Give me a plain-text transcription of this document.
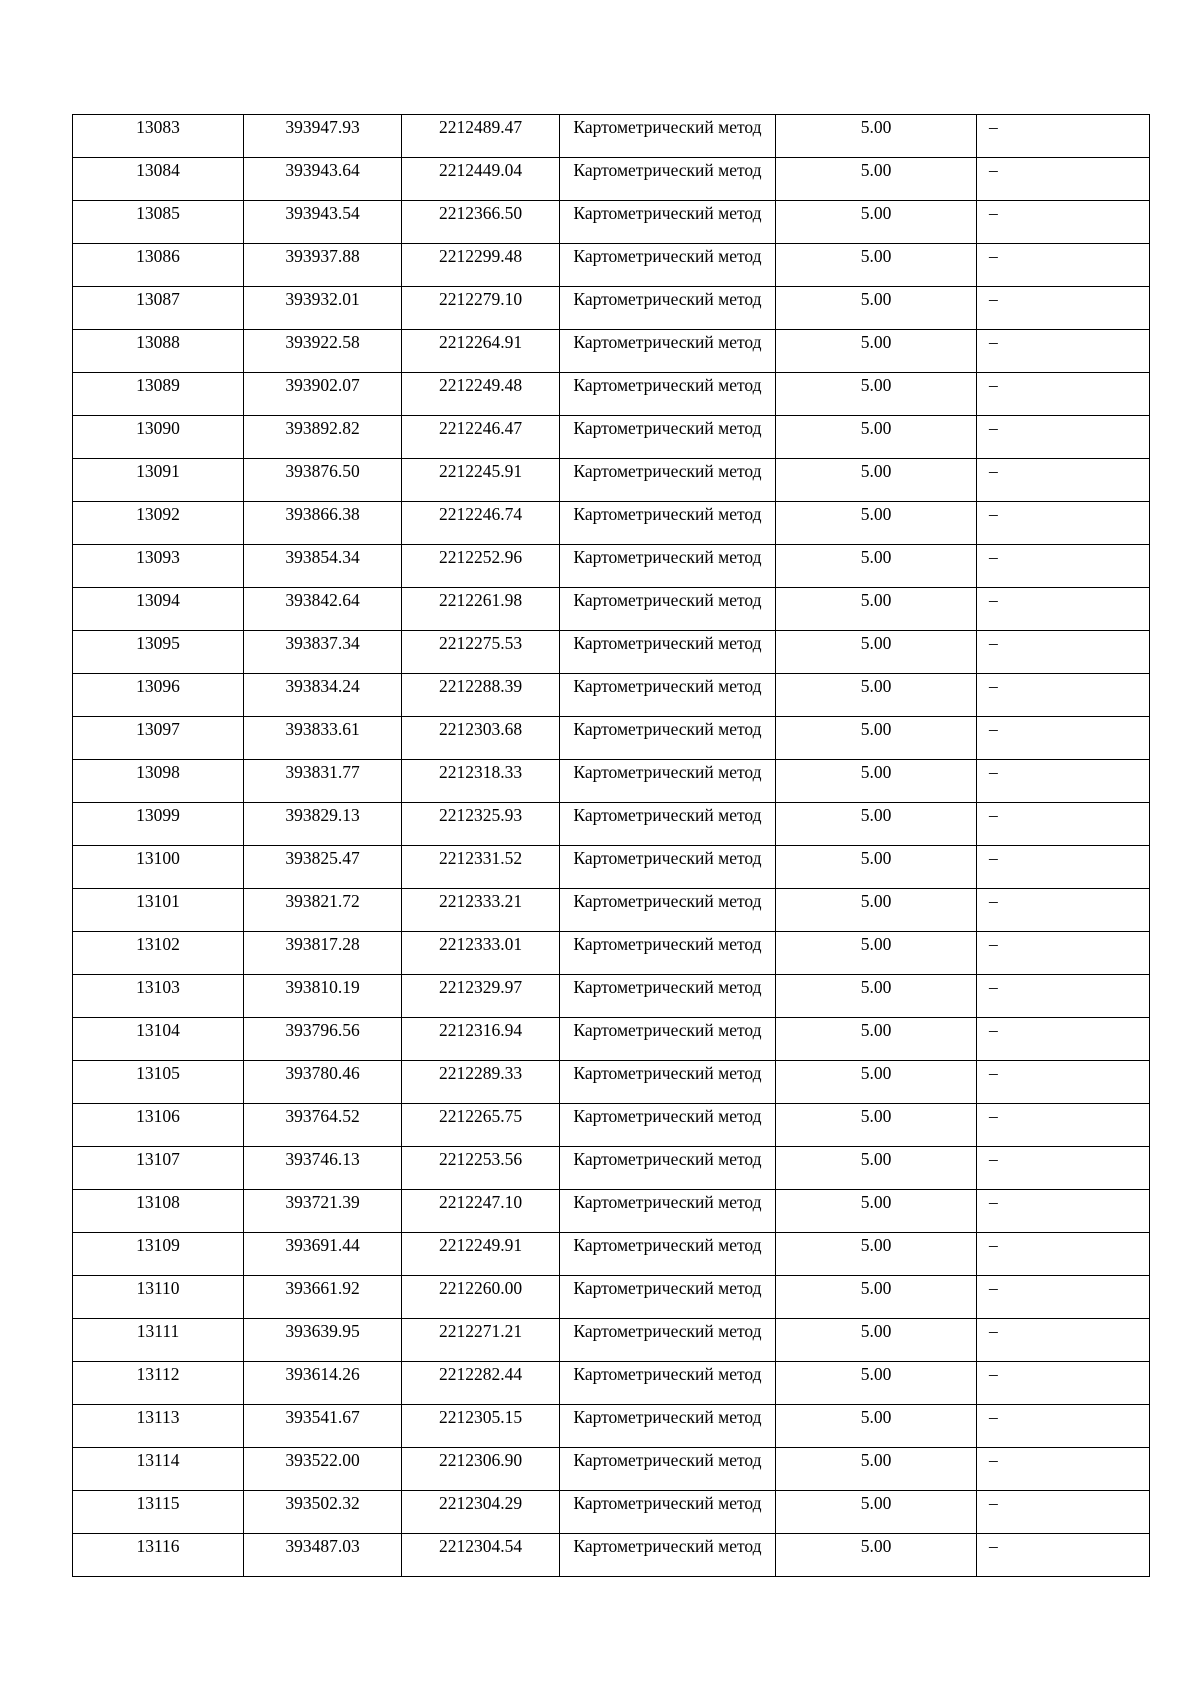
13083	393947.93	2212489.47	Картометрический метод	5.00	–

13084	393943.64	2212449.04	Картометрический метод	5.00	–

13085	393943.54	2212366.50	Картометрический метод	5.00	–

13086	393937.88	2212299.48	Картометрический метод	5.00	–

13087	393932.01	2212279.10	Картометрический метод	5.00	–

13088	393922.58	2212264.91	Картометрический метод	5.00	–

13089	393902.07	2212249.48	Картометрический метод	5.00	–

13090	393892.82	2212246.47	Картометрический метод	5.00	–

13091	393876.50	2212245.91	Картометрический метод	5.00	–

13092	393866.38	2212246.74	Картометрический метод	5.00	–

13093	393854.34	2212252.96	Картометрический метод	5.00	–

13094	393842.64	2212261.98	Картометрический метод	5.00	–

13095	393837.34	2212275.53	Картометрический метод	5.00	–

13096	393834.24	2212288.39	Картометрический метод	5.00	–

13097	393833.61	2212303.68	Картометрический метод	5.00	–

13098	393831.77	2212318.33	Картометрический метод	5.00	–

13099	393829.13	2212325.93	Картометрический метод	5.00	–

13100	393825.47	2212331.52	Картометрический метод	5.00	–

13101	393821.72	2212333.21	Картометрический метод	5.00	–

13102	393817.28	2212333.01	Картометрический метод	5.00	–

13103	393810.19	2212329.97	Картометрический метод	5.00	–

13104	393796.56	2212316.94	Картометрический метод	5.00	–

13105	393780.46	2212289.33	Картометрический метод	5.00	–

13106	393764.52	2212265.75	Картометрический метод	5.00	–

13107	393746.13	2212253.56	Картометрический метод	5.00	–

13108	393721.39	2212247.10	Картометрический метод	5.00	–

13109	393691.44	2212249.91	Картометрический метод	5.00	–

13110	393661.92	2212260.00	Картометрический метод	5.00	–

13111	393639.95	2212271.21	Картометрический метод	5.00	–

13112	393614.26	2212282.44	Картометрический метод	5.00	–

13113	393541.67	2212305.15	Картометрический метод	5.00	–

13114	393522.00	2212306.90	Картометрический метод	5.00	–

13115	393502.32	2212304.29	Картометрический метод	5.00	–

13116	393487.03	2212304.54	Картометрический метод	5.00	–
